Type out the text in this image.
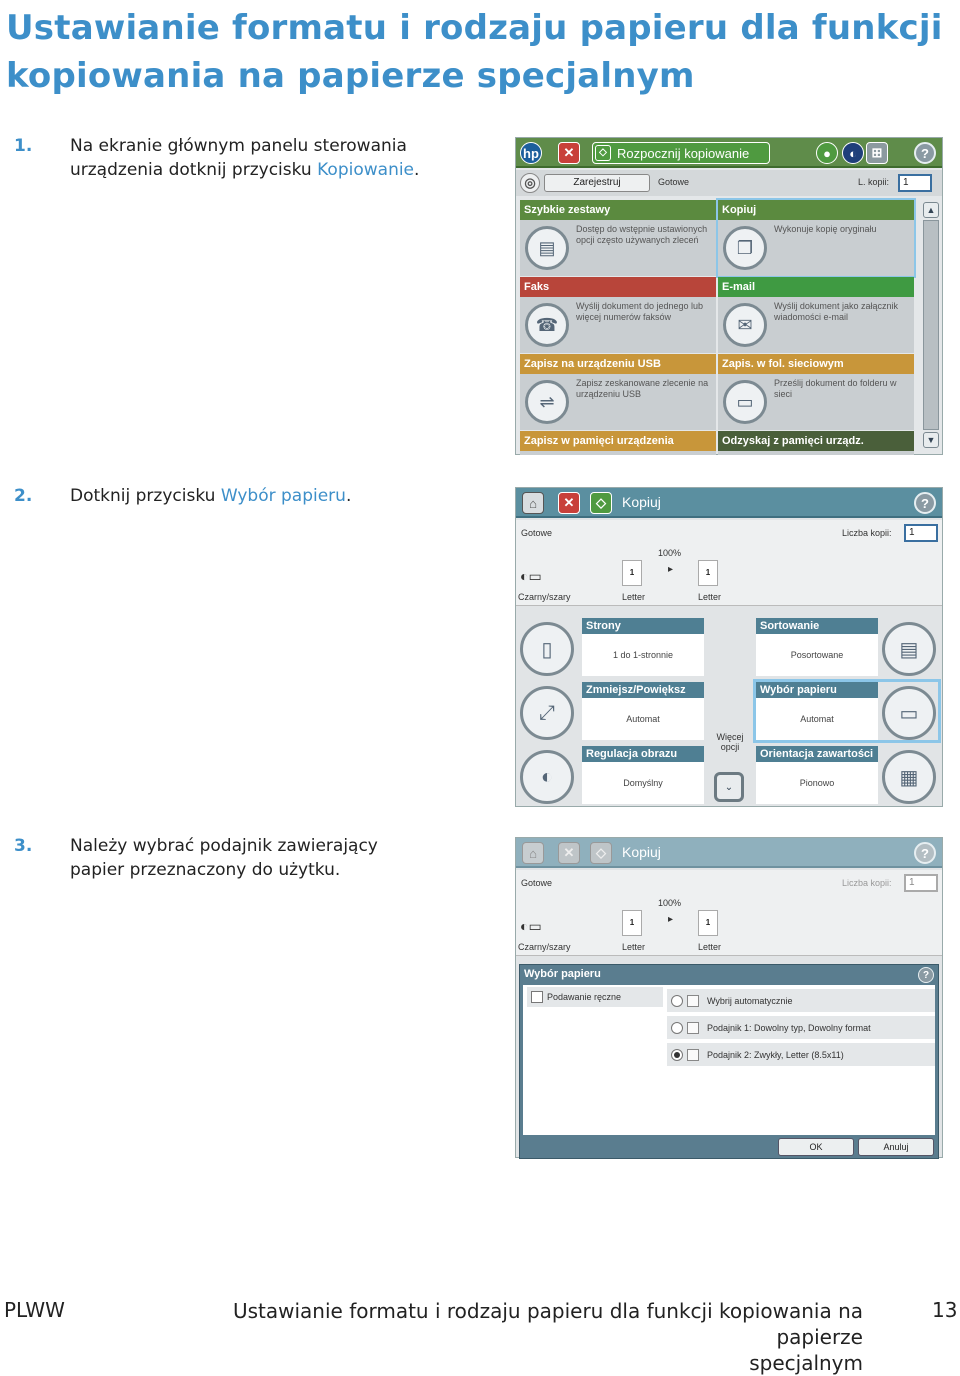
Ustawianie formatu i rodzaju papieru dla funkcji kopiowania na papierze specjalnym
1. Na ekranie głównym panelu sterowania urządzenia dotknij przycisku Kopiowanie.
hp	✕	◇ Rozpocznij kopiowanie	●	◐	⊞	?
◎	Zarejestruj	Gotowe	L. kopii:	1
Szybkie zestawy
▤
Dostęp do wstępnie ustawionych opcji często używanych zleceń
Kopiuj
❐
Wykonuje kopię oryginału
Faks
☎
Wyślij dokument do jednego lub więcej numerów faksów
E-mail
✉
Wyślij dokument jako załącznik wiadomości e-mail
Zapisz na urządzeniu USB
⇌
Zapisz zeskanowane zlecenie na urządzeniu USB
Zapis. w fol. sieciowym
▭
Prześlij dokument do folderu w sieci
Zapisz w pamięci urządzenia	Odzyskaj z pamięci urządz.
▲
▼
2. Dotknij przycisku Wybór papieru.	⌂	✕	◇	Kopiuj	?
Gotowe	Liczba kopii:	1
100%
1	▸	1
◐▭
Czarny/szary	Letter	Letter
▯
Strony
1 do 1-stronnie
Sortowanie
Posortowane	▤
⤢
Zmniejsz/Powiększ
Automat
Wybór papieru
Automat	▭
◐
Regulacja obrazu
Domyślny
Orientacja zawartości
Pionowo	▦
Więcej opcji
⌄
3. Należy wybrać podajnik zawierający papier przeznaczony do użytku.
⌂	✕	◇	Kopiuj	?
Gotowe	Liczba kopii:	1
100%
1	▸	1
◐▭
Czarny/szary	Letter	Letter
Wybór papieru	?
Podawanie ręczne	Wybrij automatycznie
Podajnik 1: Dowolny typ, Dowolny format
Podajnik 2: Zwykły, Letter (8.5x11)
OK	Anuluj
PLWW	Ustawianie formatu i rodzaju papieru dla funkcji kopiowania na papierze
specjalnym
13
